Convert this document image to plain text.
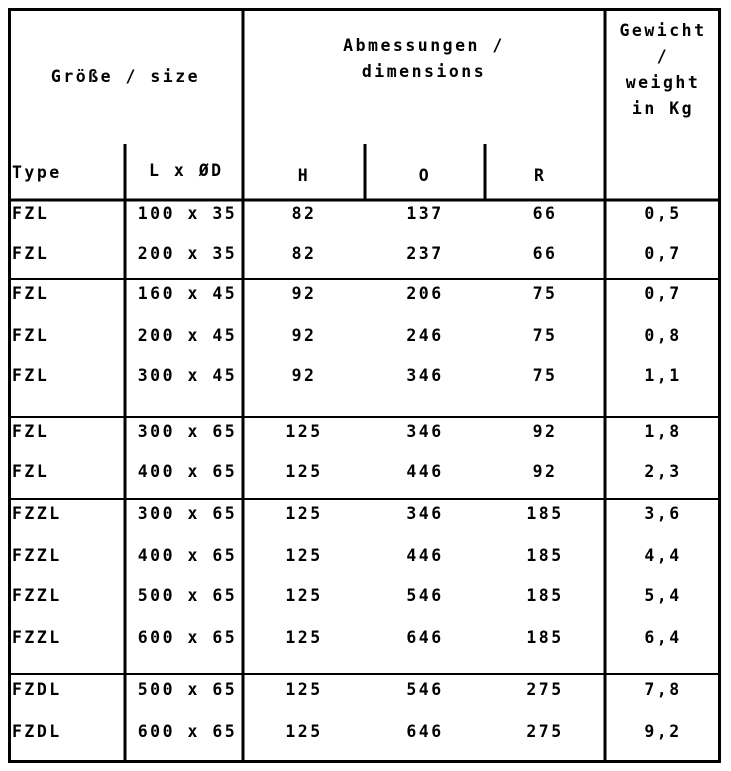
Größe / size
Abmessungen /
dimensions
Gewicht
/
weight
in Kg
Type	L x ØD	H	O	R
FZL	100 x 35	82	137	66	0,5
FZL	200 x 35	82	237	66	0,7
FZL	160 x 45	92	206	75	0,7
FZL	200 x 45	92	246	75	0,8
FZL	300 x 45	92	346	75	1,1
FZL	300 x 65	125	346	92	1,8
FZL	400 x 65	125	446	92	2,3
FZZL	300 x 65	125	346	185	3,6
FZZL	400 x 65	125	446	185	4,4
FZZL	500 x 65	125	546	185	5,4
FZZL	600 x 65	125	646	185	6,4
FZDL	500 x 65	125	546	275	7,8
FZDL	600 x 65	125	646	275	9,2
